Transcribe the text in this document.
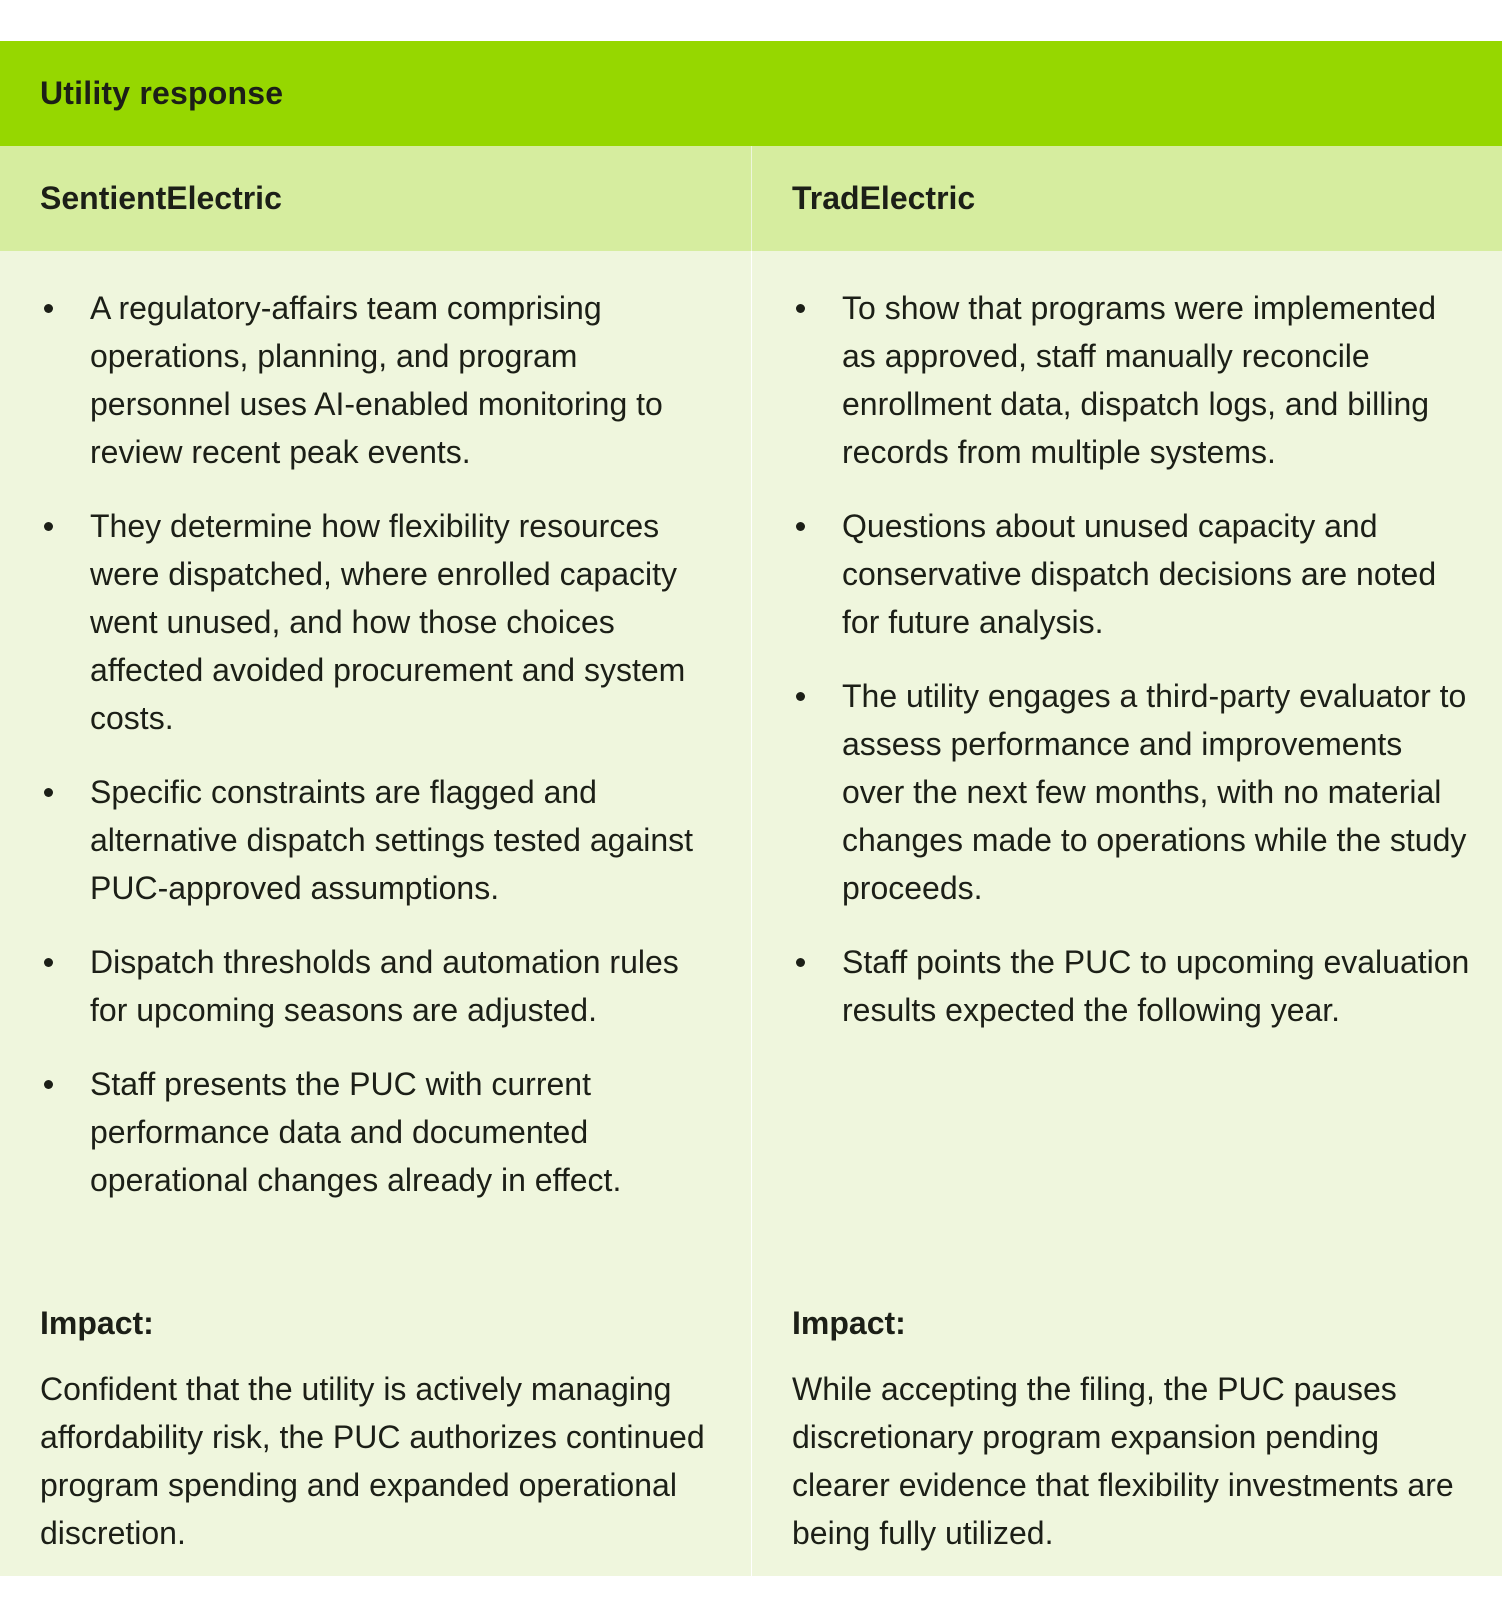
Utility response
SentientElectric	TradElectric
A regulatory-affairs team comprising operations, planning, and program personnel uses AI-enabled monitoring to review recent peak events.
They determine how flexibility resources were dispatched, where enrolled capacity went unused, and how those choices affected avoided procurement and system costs.
Specific constraints are flagged and alternative dispatch settings tested against PUC-approved assumptions.
Dispatch thresholds and automation rules for upcoming seasons are adjusted.
Staff presents the PUC with current performance data and documented operational changes already in effect.
Impact:

Confident that the utility is actively managing affordability risk, the PUC authorizes continued program spending and expanded operational discretion.

To show that programs were implemented as approved, staff manually reconcile enrollment data, dispatch logs, and billing records from multiple systems.
Questions about unused capacity and conservative dispatch decisions are noted for future analysis.
The utility engages a third-party evaluator to assess performance and improvements over the next few months, with no material changes made to operations while the study proceeds.
Staff points the PUC to upcoming evaluation results expected the following year.
Impact:

While accepting the filing, the PUC pauses discretionary program expansion pending clearer evidence that flexibility investments are being fully utilized.
